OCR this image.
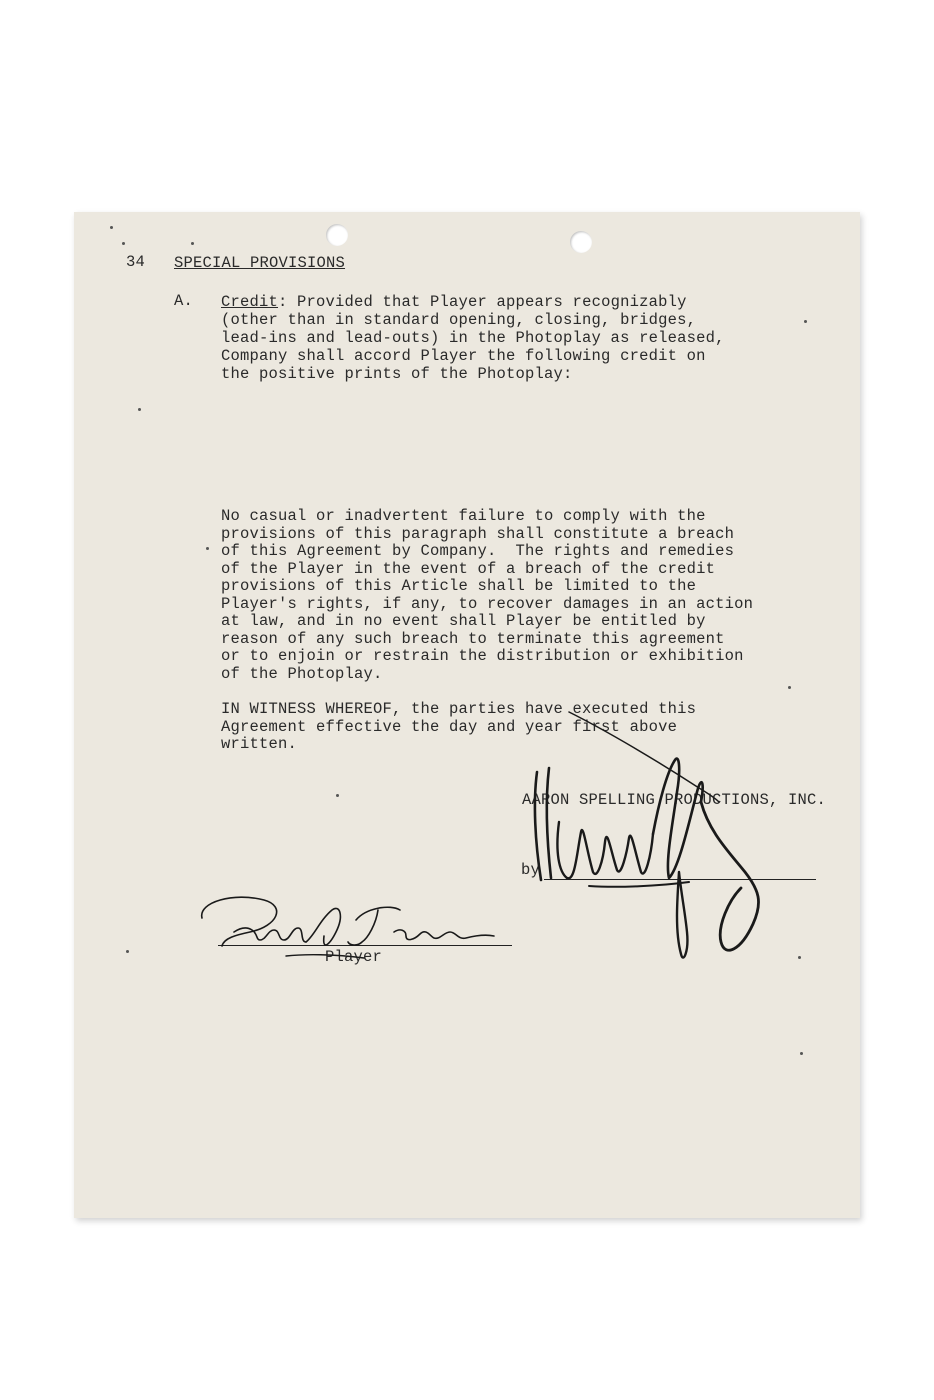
34 SPECIAL PROVISIONS

A. Credit: Provided that Player appears recognizably

(other than in standard opening, closing, bridges,

lead-ins and lead-outs) in the Photoplay as released,

Company shall accord Player the following credit on

the positive prints of the Photoplay:

No casual or inadvertent failure to comply with the

provisions of this paragraph shall constitute a breach

of this Agreement by Company.  The rights and remedies

of the Player in the event of a breach of the credit

provisions of this Article shall be limited to the

Player's rights, if any, to recover damages in an action

at law, and in no event shall Player be entitled by

reason of any such breach to terminate this agreement

or to enjoin or restrain the distribution or exhibition

of the Photoplay.

IN WITNESS WHEREOF, the parties have executed this

Agreement effective the day and year first above

written.

AARON SPELLING PRODUCTIONS, INC.

by

Player
